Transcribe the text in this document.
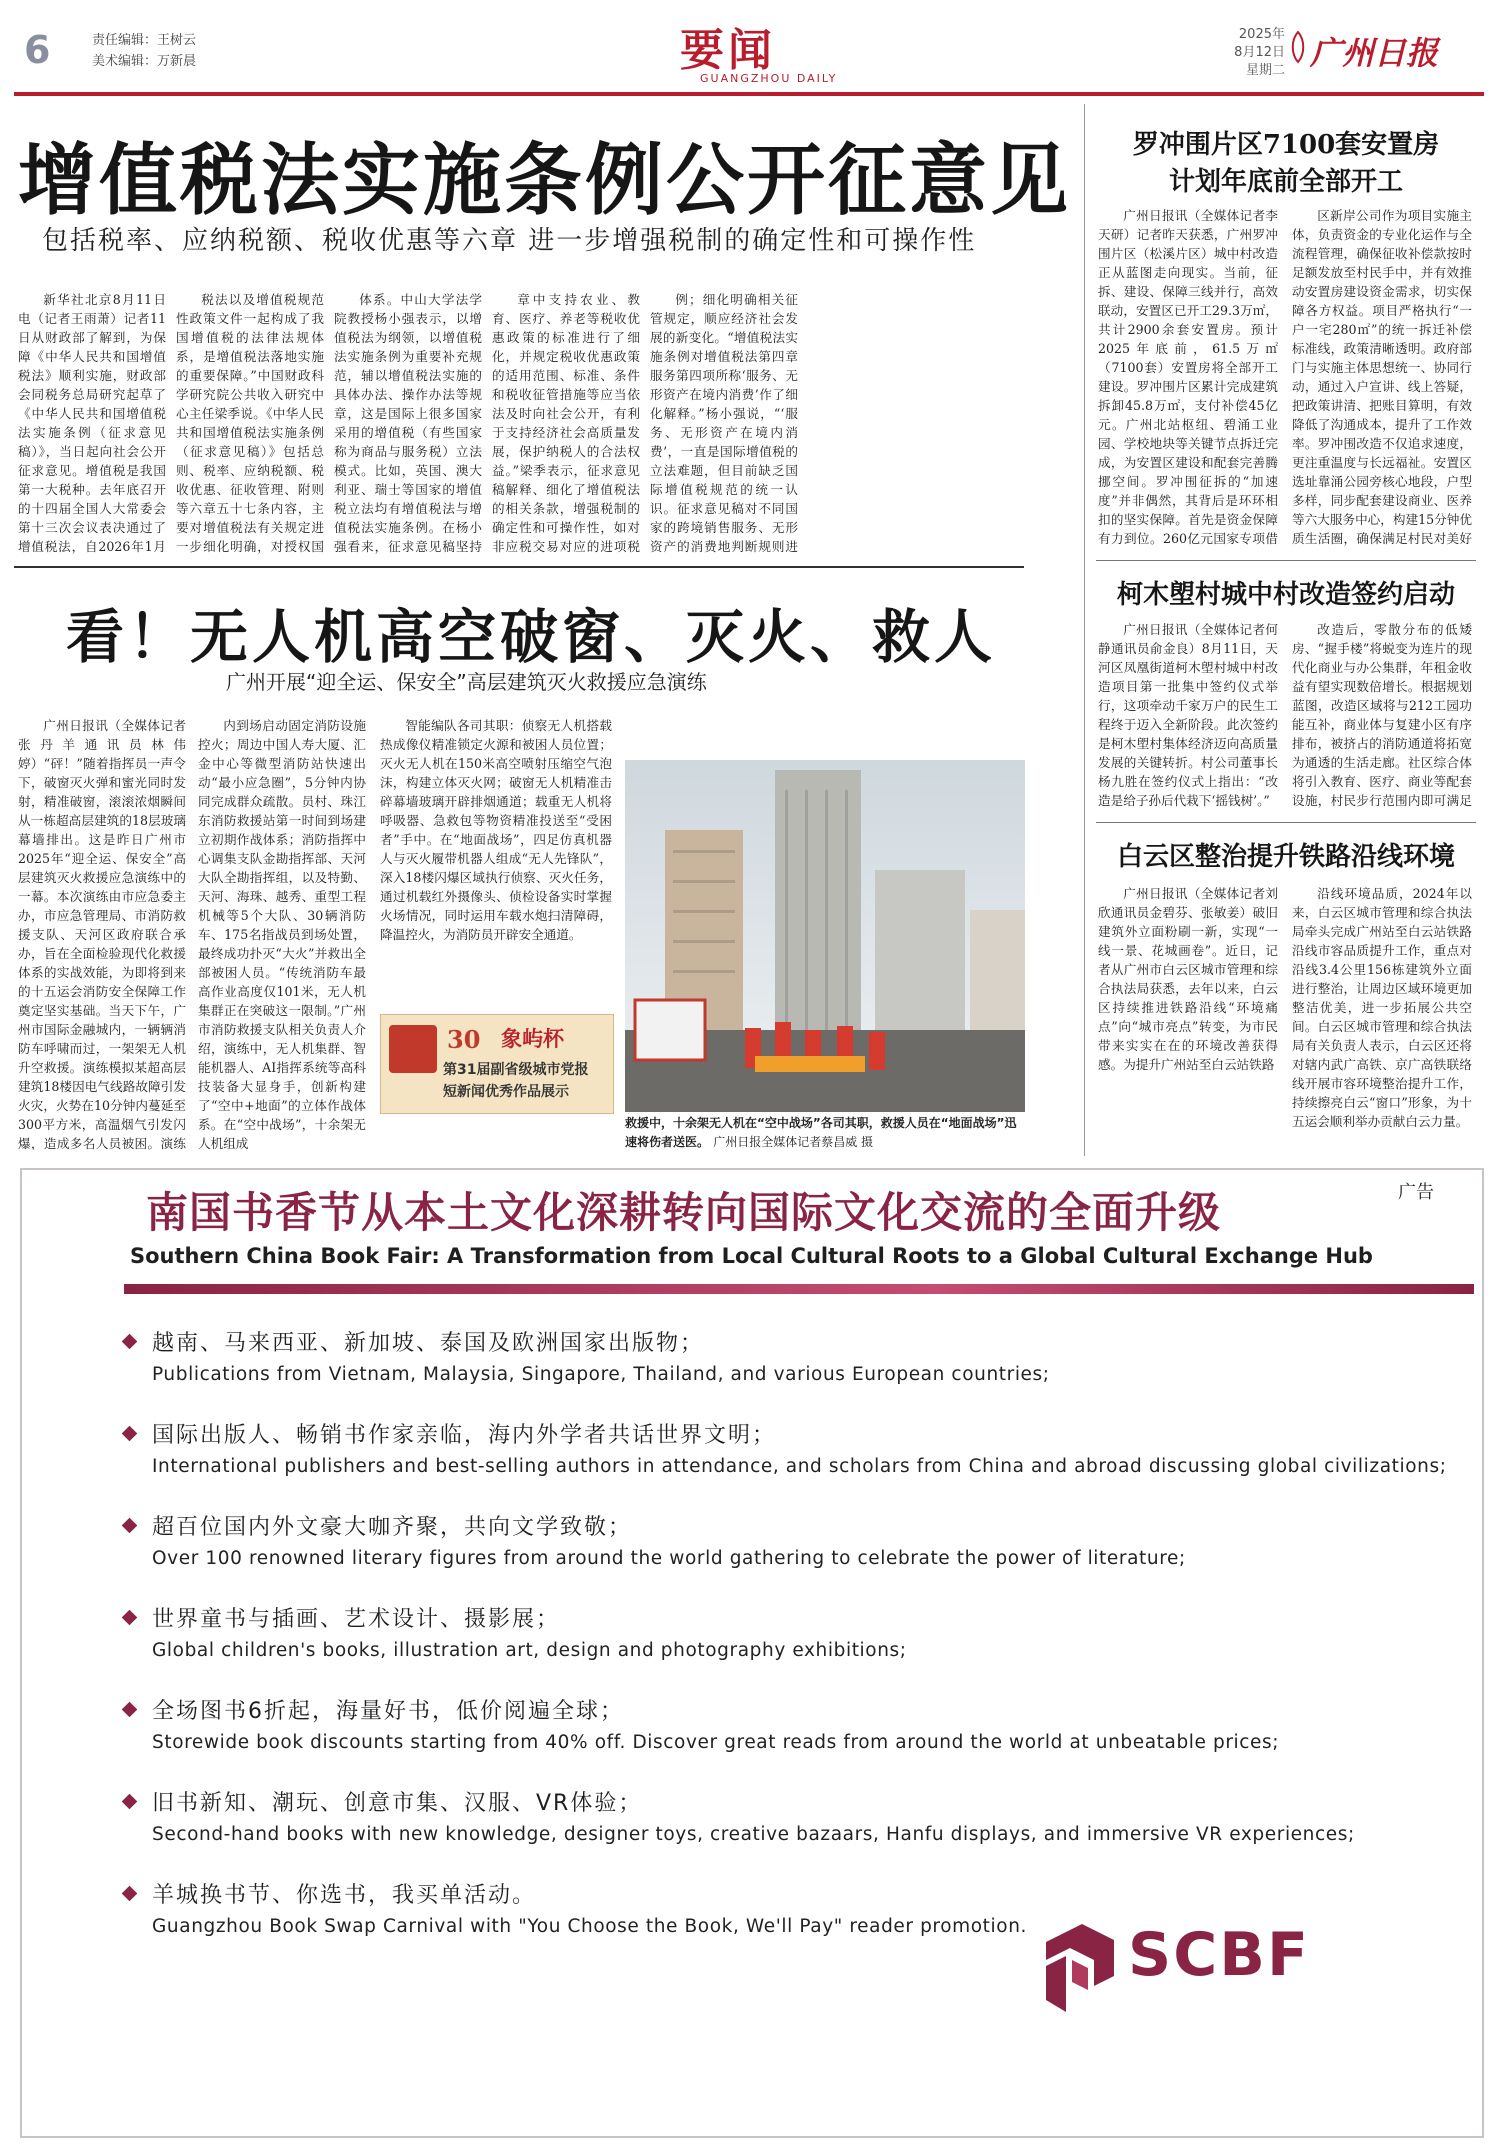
6	责任编辑：王树云
美术编辑：万新晨	要闻
GUANGZHOU DAILY
2025年
8月12日
星期二 广州日报
增值税法实施条例公开征意见
包括税率、应纳税额、税收优惠等六章 进一步增强税制的确定性和可操作性

新华社北京8月11日电（记者王雨萧）记者11日从财政部了解到，为保障《中华人民共和国增值税法》顺利实施，财政部会同税务总局研究起草了《中华人民共和国增值税法实施条例（征求意见稿）》，当日起向社会公开征求意见。增值税是我国第一大税种。去年底召开的十四届全国人大常委会第十三次会议表决通过了增值税法，自2026年1月

税法以及增值税规范性政策文件一起构成了我国增值税的法律法规体系，是增值税法落地实施的重要保障。”中国财政科学研究院公共收入研究中心主任梁季说。《中华人民共和国增值税法实施条例（征求意见稿）》包括总则、税率、应纳税额、税收优惠、征收管理、附则等六章五十七条内容，主要对增值税法有关规定进一步细化明确，对授权国

体系。中山大学法学院教授杨小强表示，以增值税法为纲领，以增值税法实施条例为重要补充规范，辅以增值税法实施的具体办法、操作办法等规章，这是国际上很多国家采用的增值税（有些国家称为商品与服务税）立法模式。比如，英国、澳大利亚、瑞士等国家的增值税立法均有增值税法与增值税法实施条例。在杨小强看来，征求意见稿坚持

章中支持农业、教育、医疗、养老等税收优惠政策的标准进行了细化，并规定税收优惠政策的适用范围、标准、条件和税收征管措施等应当依法及时向社会公开，有利于支持经济社会高质量发展，保护纳税人的合法权益。”梁季表示，征求意见稿解释、细化了增值税法的相关条款，增强税制的确定性和可操作性，如对非应税交易对应的进项税

例；细化明确相关征管规定，顺应经济社会发展的新变化。“增值税法实施条例对增值税法第四章服务第四项所称‘服务、无形资产在境内消费’作了细化解释。”杨小强说，“‘服务、无形资产在境内消费’，一直是国际增值税的立法难题，但目前缺乏国际增值税规范的统一认识。征求意见稿对不同国家的跨境销售服务、无形资产的消费地判断规则进

罗冲围片区7100套安置房
计划年底前全部开工

广州日报讯（全媒体记者李天研）记者昨天获悉，广州罗冲围片区（松溪片区）城中村改造正从蓝图走向现实。当前，征拆、建设、保障三线并行，高效联动，安置区已开工29.3万㎡，共计2900余套安置房。预计2025年底前，61.5万㎡（7100套）安置房将全部开工建设。罗冲围片区累计完成建筑拆卸45.8万㎡，支付补偿45亿元。广州北站枢纽、碧涌工业园、学校地块等关键节点拆迁完成，为安置区建设和配套完善腾挪空间。罗冲围征拆的“加速度”并非偶然，其背后是环环相扣的坚实保障。首先是资金保障有力到位。260亿元国家专项借

区新岸公司作为项目实施主体，负责资金的专业化运作与全流程管理，确保征收补偿款按时足额发放至村民手中，并有效推动安置房建设资金需求，切实保障各方权益。项目严格执行“一户一宅280㎡”的统一拆迁补偿标准线，政策清晰透明。政府部门与实施主体思想统一、协同行动，通过入户宣讲、线上答疑，把政策讲清、把账目算明，有效降低了沟通成本，提升了工作效率。罗冲围改造不仅追求速度，更注重温度与长远福祉。安置区选址靠涌公园旁核心地段，户型多样，同步配套建设商业、医养等六大服务中心，构建15分钟优质生活圈，确保满足村民对美好

柯木塱村城中村改造签约启动

广州日报讯（全媒体记者何静通讯员俞金良）8月11日，天河区凤凰街道柯木塱村城中村改造项目第一批集中签约仪式举行，这项牵动千家万户的民生工程终于迈入全新阶段。此次签约是柯木塱村集体经济迈向高质量发展的关键转折。村公司董事长杨九胜在签约仪式上指出：“改造是给子孙后代栽下‘摇钱树’。”

改造后，零散分布的低矮房、“握手楼”将蜕变为连片的现代化商业与办公集群，年租金收益有望实现数倍增长。根据规划蓝图，改造区域将与212工园功能互补，商业体与复建小区有序排布，被挤占的消防通道将拓宽为通透的生活走廊。社区综合体将引入教育、医疗、商业等配套设施，村民步行范围内即可满足

白云区整治提升铁路沿线环境

广州日报讯（全媒体记者刘欣通讯员金碧芬、张敏姜）破旧建筑外立面粉刷一新，实现“一线一景、花城画卷”。近日，记者从广州市白云区城市管理和综合执法局获悉，去年以来，白云区持续推进铁路沿线“环境痛点”向“城市亮点”转变，为市民带来实实在在的环境改善获得感。为提升广州站至白云站铁路

沿线环境品质，2024年以来，白云区城市管理和综合执法局牵头完成广州站至白云站铁路沿线市容品质提升工作，重点对沿线3.4公里156栋建筑外立面进行整治，让周边区域环境更加整洁优美，进一步拓展公共空间。白云区城市管理和综合执法局有关负责人表示，白云区还将对辖内武广高铁、京广高铁联络线开展市容环境整治提升工作，持续擦亮白云“窗口”形象，为十五运会顺利举办贡献白云力量。

看！无人机高空破窗、灭火、救人
广州开展“迎全运、保安全”高层建筑灭火救援应急演练

广州日报讯（全媒体记者张丹羊通讯员林伟婷）“砰！”随着指挥员一声令下，破窗灭火弹和蜜光同时发射，精准破窗，滚滚浓烟瞬间从一栋超高层建筑的18层玻璃幕墙排出。这是昨日广州市2025年“迎全运、保安全”高层建筑灭火救援应急演练中的一幕。本次演练由市应急委主办，市应急管理局、市消防救援支队、天河区政府联合承办，旨在全面检验现代化救援体系的实战效能，为即将到来的十五运会消防安全保障工作奠定坚实基础。当天下午，广州市国际金融城内，一辆辆消防车呼啸而过，一架架无人机升空救援。演练模拟某超高层建筑18楼因电气线路故障引发火灾，火势在10分钟内蔓延至300平方米，高温烟气引发闪爆，造成多名人员被困。演练

内到场启动固定消防设施控火；周边中国人寿大厦、汇金中心等微型消防站快速出动“最小应急圈”，5分钟内协同完成群众疏散。员村、珠江东消防救援站第一时间到场建立初期作战体系；消防指挥中心调集支队金勘指挥部、天河大队全勘指挥组，以及特勤、天河、海珠、越秀、重型工程机械等5个大队、30辆消防车、175名指战员到场处置，最终成功扑灭“大火”并救出全部被困人员。“传统消防车最高作业高度仅101米，无人机集群正在突破这一限制。”广州市消防救援支队相关负责人介绍，演练中，无人机集群、智能机器人、AI指挥系统等高科技装备大显身手，创新构建了“空中+地面”的立体作战体系。在“空中战场”，十余架无人机组成

智能编队各司其职：侦察无人机搭载热成像仪精准锁定火源和被困人员位置；灭火无人机在150米高空喷射压缩空气泡沫，构建立体灭火网；破窗无人机精准击碎幕墙玻璃开辟排烟通道；载重无人机将呼吸器、急救包等物资精准投送至“受困者”手中。在“地面战场”，四足仿真机器人与灭火履带机器人组成“无人先锋队”，深入18楼闪爆区域执行侦察、灭火任务，通过机载红外摄像头、侦检设备实时掌握火场情况，同时运用车载水炮扫清障碍，降温控火，为消防员开辟安全通道。

30 象屿杯
第31届副省级城市党报
短新闻优秀作品展示
救援中，十余架无人机在“空中战场”各司其职，救援人员在“地面战场”迅速将伤者送医。 广州日报全媒体记者蔡昌威 摄
南国书香节从本土文化深耕转向国际文化交流的全面升级	广告
Southern China Book Fair: A Transformation from Local Cultural Roots to a Global Cultural Exchange Hub
越南、马来西亚、新加坡、泰国及欧洲国家出版物；
Publications from Vietnam, Malaysia, Singapore, Thailand, and various European countries;
国际出版人、畅销书作家亲临，海内外学者共话世界文明；
International publishers and best-selling authors in attendance, and scholars from China and abroad discussing global civilizations;
超百位国内外文豪大咖齐聚，共向文学致敬；
Over 100 renowned literary figures from around the world gathering to celebrate the power of literature;
世界童书与插画、艺术设计、摄影展；
Global children's books, illustration art, design and photography exhibitions;
全场图书6折起，海量好书，低价阅遍全球；
Storewide book discounts starting from 40% off. Discover great reads from around the world at unbeatable prices;
旧书新知、潮玩、创意市集、汉服、VR体验；
Second-hand books with new knowledge, designer toys, creative bazaars, Hanfu displays, and immersive VR experiences;
羊城换书节、你选书，我买单活动。
Guangzhou Book Swap Carnival with "You Choose the Book, We'll Pay" reader promotion. SCBF
